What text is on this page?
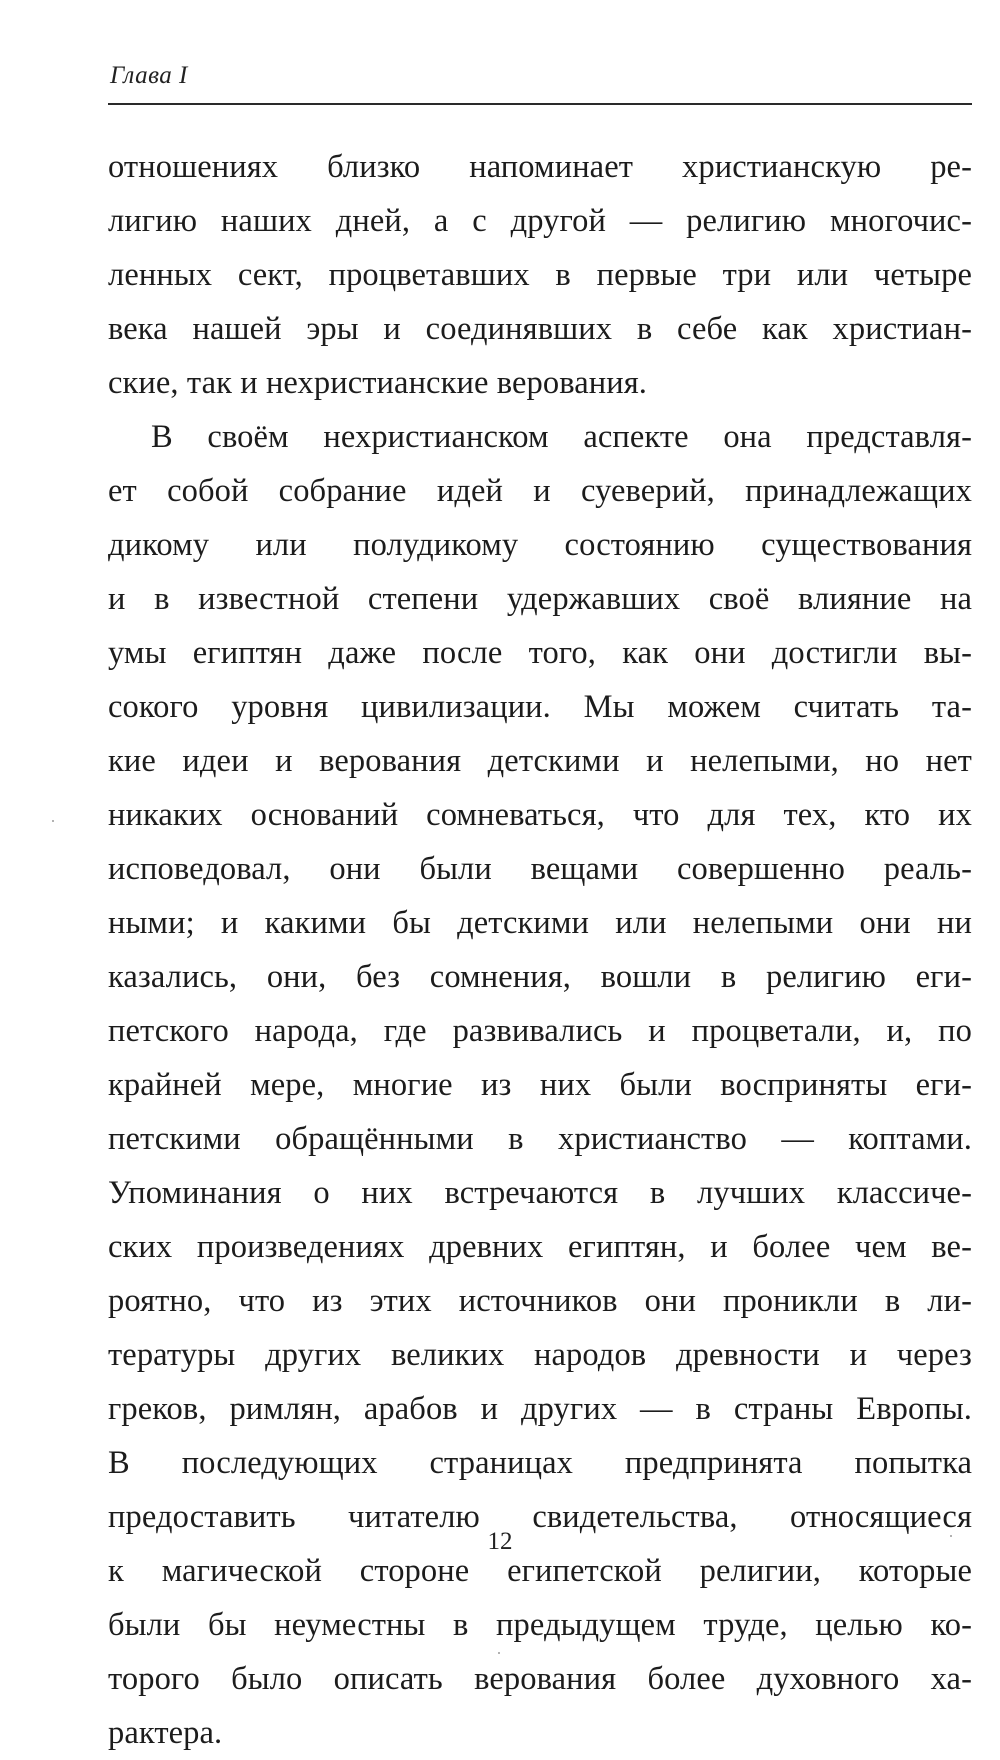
Глава I
отношениях близко напоминает христианскую ре-
лигию наших дней, а с другой — религию многочис-
ленных сект, процветавших в первые три или четыре
века нашей эры и соединявших в себе как христиан-
ские, так и нехристианские верования.
В своём нехристианском аспекте она представля-
ет собой собрание идей и суеверий, принадлежащих
дикому или полудикому состоянию существования
и в известной степени удержавших своё влияние на
умы египтян даже после того, как они достигли вы-
сокого уровня цивилизации. Мы можем считать та-
кие идеи и верования детскими и нелепыми, но нет
никаких оснований сомневаться, что для тех, кто их
исповедовал, они были вещами совершенно реаль-
ными; и какими бы детскими или нелепыми они ни
казались, они, без сомнения, вошли в религию еги-
петского народа, где развивались и процветали, и, по
крайней мере, многие из них были восприняты еги-
петскими обращёнными в христианство — коптами.
Упоминания о них встречаются в лучших классиче-
ских произведениях древних египтян, и более чем ве-
роятно, что из этих источников они проникли в ли-
тературы других великих народов древности и через
греков, римлян, арабов и других — в страны Европы.
В последующих страницах предпринята попытка
предоставить читателю свидетельства, относящиеся
к магической стороне египетской религии, которые
были бы неуместны в предыдущем труде, целью ко-
торого было описать верования более духовного ха-
рактера.
12
